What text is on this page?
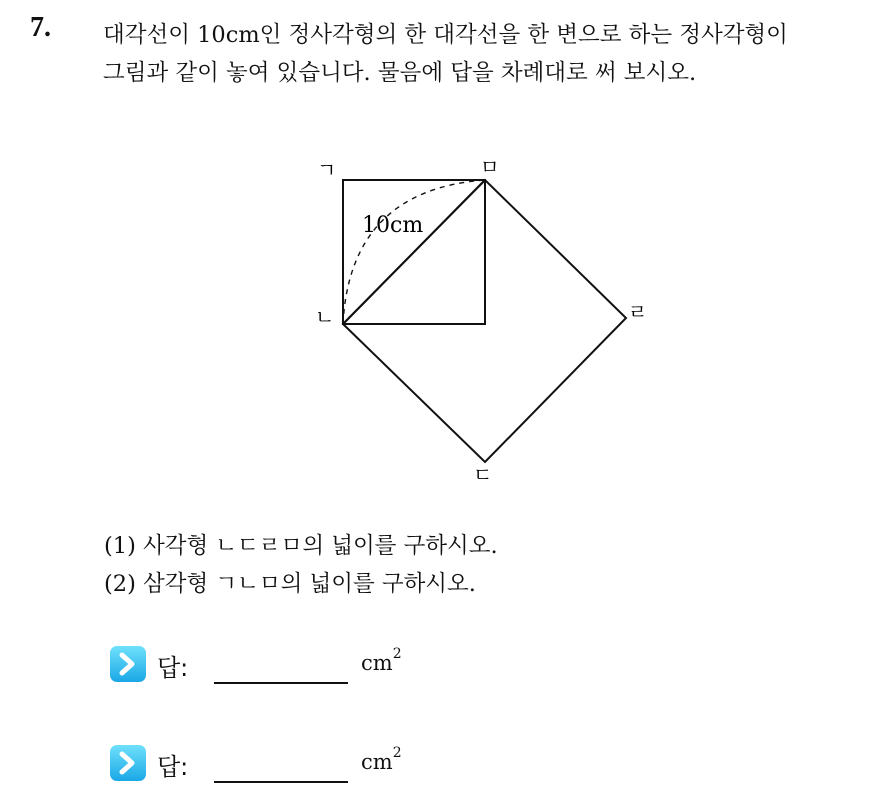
7. 대각선이 10cm인 정사각형의 한 대각선을 한 변으로 하는 정사각형이
그림과 같이 놓여 있습니다. 물음에 답을 차례대로 써 보시오.
ㄱ	ㅁ
ㄴ	ㄹ
ㄷ
10cm
(1) 사각형 ㄴㄷㄹㅁ의 넓이를 구하시오.
(2) 삼각형 ㄱㄴㅁ의 넓이를 구하시오.
답:	$cm^2$
답:	$cm^2$
